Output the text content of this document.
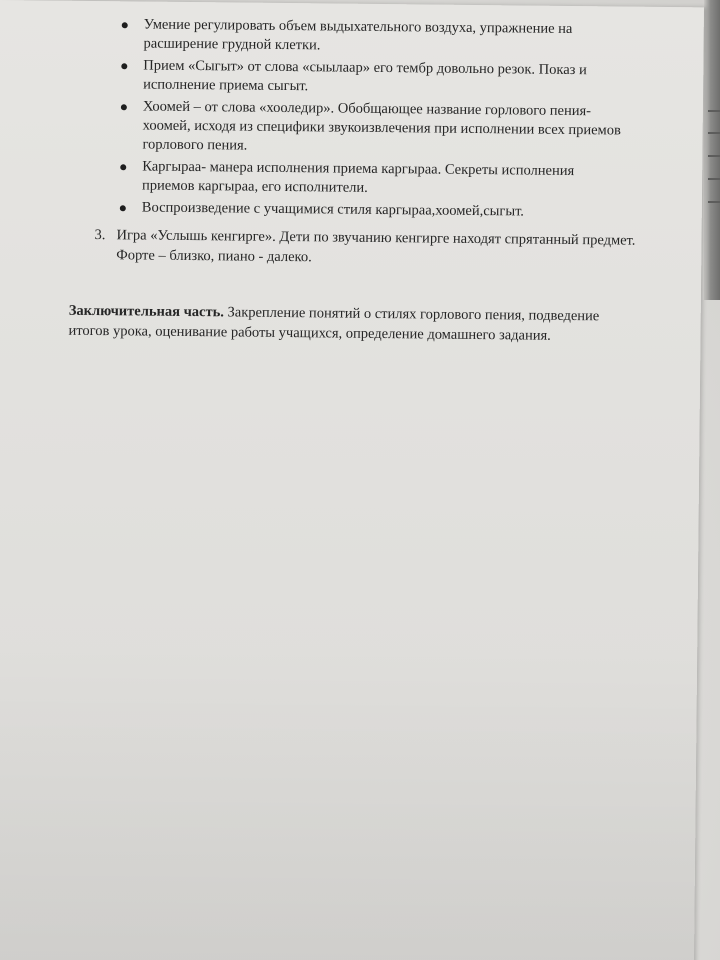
Умение регулировать объем выдыхательного воздуха, упражнение на расширение грудной клетки.
Прием «Сыгыт» от слова «сыылаар» его тембр довольно резок. Показ и исполнение приема сыгыт.
Хоомей – от слова «хооледир». Обобщающее название горлового пения- хоомей, исходя из специфики звукоизвлечения при исполнении всех приемов горлового пения.
Каргыраа- манера исполнения приема каргыраа. Секреты исполнения приемов каргыраа, его исполнители.
Воспроизведение с учащимися стиля каргыраа,хоомей,сыгыт.
3. Игра «Услышь кенгирге». Дети по звучанию кенгирге находят спрятанный предмет. Форте – близко, пиано - далеко.
Заключительная часть. Закрепление понятий о стилях горлового пения, подведение итогов урока, оценивание работы учащихся, определение домашнего задания.
